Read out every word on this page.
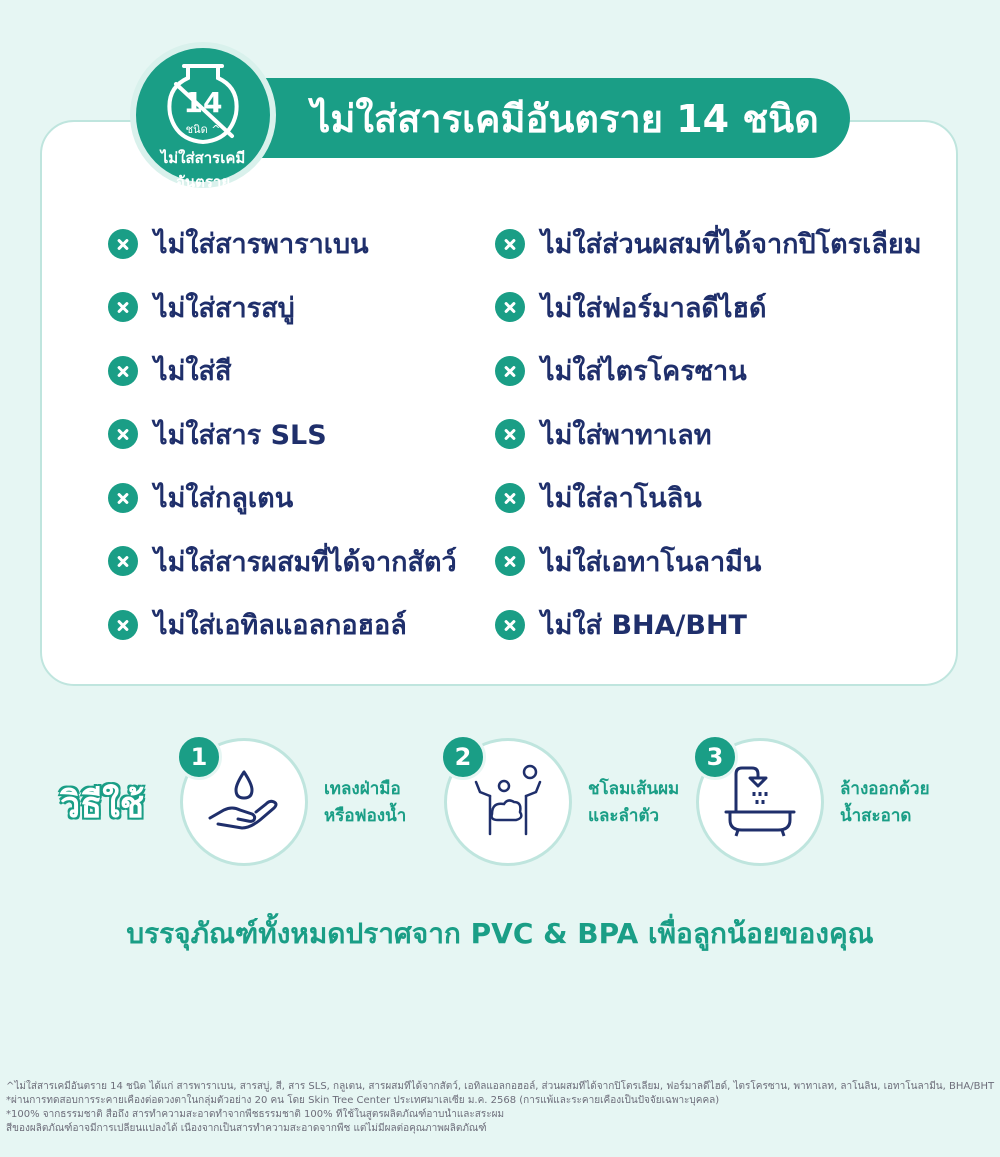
ไม่ใส่สารเคมีอันตราย 14 ชนิด
14
ชนิด ^
ไม่ใส่สารเคมีอันตราย
ไม่ใส่สารพาราเบน
ไม่ใส่สารสบู่
ไม่ใส่สี
ไม่ใส่สาร SLS
ไม่ใส่กลูเตน
ไม่ใส่สารผสมที่ได้จากสัตว์
ไม่ใส่เอทิลแอลกอฮอล์
ไม่ใส่ส่วนผสมที่ได้จากปิโตรเลียม
ไม่ใส่ฟอร์มาลดีไฮด์
ไม่ใส่ไตรโครซาน
ไม่ใส่พาทาเลท
ไม่ใส่ลาโนลิน
ไม่ใส่เอทาโนลามีน
ไม่ใส่ BHA/BHT
วิธีใช้
1
เทลงฝ่ามือ
หรือฟองน้ำ
2
ชโลมเส้นผม
และลำตัว
3
ล้างออกด้วย
น้ำสะอาด
บรรจุภัณฑ์ทั้งหมดปราศจาก PVC & BPA เพื่อลูกน้อยของคุณ
^ไม่ใส่สารเคมีอันตราย 14 ชนิด ได้แก่ สารพาราเบน, สารสบู่, สี, สาร SLS, กลูเตน, สารผสมที่ได้จากสัตว์, เอทิลแอลกอฮอล์, ส่วนผสมที่ได้จากปิโตรเลียม, ฟอร์มาลดีไฮด์, ไตรโครซาน, พาทาเลท, ลาโนลิน, เอทาโนลามีน, BHA/BHT
*ผ่านการทดสอบการระคายเคืองต่อดวงตาในกลุ่มตัวอย่าง 20 คน โดย Skin Tree Center ประเทศมาเลเซีย ม.ค. 2568 (การแพ้และระคายเคืองเป็นปัจจัยเฉพาะบุคคล)
*100% จากธรรมชาติ สื่อถึง สารทำความสะอาดทำจากพืชธรรมชาติ 100% ที่ใช้ในสูตรผลิตภัณฑ์อาบน้ำและสระผม
สีของผลิตภัณฑ์อาจมีการเปลี่ยนแปลงได้ เนื่องจากเป็นสารทำความสะอาดจากพืช แต่ไม่มีผลต่อคุณภาพผลิตภัณฑ์
